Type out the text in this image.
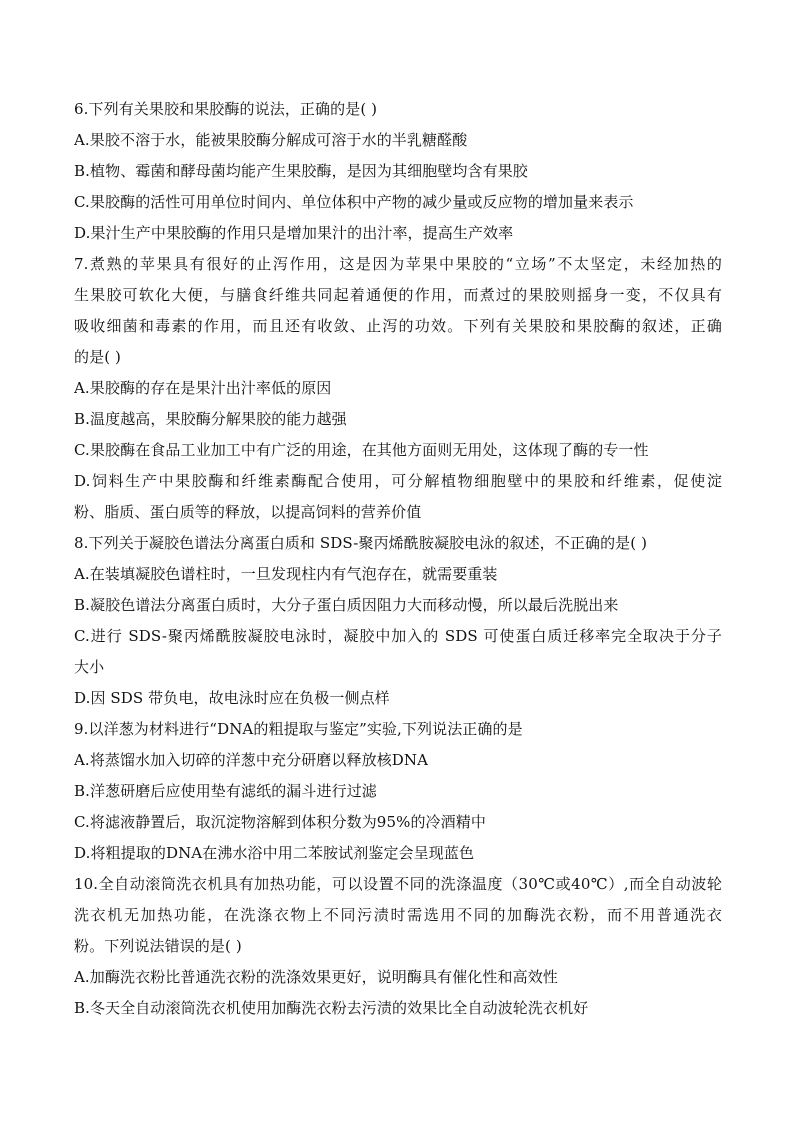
6.下列有关果胶和果胶酶的说法，正确的是( )
A.果胶不溶于水，能被果胶酶分解成可溶于水的半乳糖醛酸
B.植物、霉菌和酵母菌均能产生果胶酶，是因为其细胞壁均含有果胶
C.果胶酶的活性可用单位时间内、单位体积中产物的减少量或反应物的增加量来表示
D.果汁生产中果胶酶的作用只是增加果汁的出汁率，提高生产效率
7.煮熟的苹果具有很好的止泻作用，这是因为苹果中果胶的“立场”不太坚定，未经加热的
生果胶可软化大便，与膳食纤维共同起着通便的作用，而煮过的果胶则摇身一变，不仅具有
吸收细菌和毒素的作用，而且还有收敛、止泻的功效。下列有关果胶和果胶酶的叙述，正确
的是( )
A.果胶酶的存在是果汁出汁率低的原因
B.温度越高，果胶酶分解果胶的能力越强
C.果胶酶在食品工业加工中有广泛的用途，在其他方面则无用处，这体现了酶的专一性
D.饲料生产中果胶酶和纤维素酶配合使用，可分解植物细胞壁中的果胶和纤维素，促使淀
粉、脂质、蛋白质等的释放，以提高饲料的营养价值
8.下列关于凝胶色谱法分离蛋白质和 SDS-聚丙烯酰胺凝胶电泳的叙述，不正确的是( )
A.在装填凝胶色谱柱时，一旦发现柱内有气泡存在，就需要重装
B.凝胶色谱法分离蛋白质时，大分子蛋白质因阻力大而移动慢，所以最后洗脱出来
C.进行 SDS-聚丙烯酰胺凝胶电泳时，凝胶中加入的 SDS 可使蛋白质迁移率完全取决于分子
大小
D.因 SDS 带负电，故电泳时应在负极一侧点样
9.以洋葱为材料进行“DNA的粗提取与鉴定”实验,下列说法正确的是
A.将蒸馏水加入切碎的洋葱中充分研磨以释放核DNA
B.洋葱研磨后应使用垫有滤纸的漏斗进行过滤
C.将滤液静置后，取沉淀物溶解到体积分数为95%的冷酒精中
D.将粗提取的DNA在沸水浴中用二苯胺试剂鉴定会呈现蓝色
10.全自动滚筒洗衣机具有加热功能，可以设置不同的洗涤温度（30℃或40℃）,而全自动波轮
洗衣机无加热功能，在洗涤衣物上不同污渍时需选用不同的加酶洗衣粉，而不用普通洗衣
粉。下列说法错误的是( )
A.加酶洗衣粉比普通洗衣粉的洗涤效果更好，说明酶具有催化性和高效性
B.冬天全自动滚筒洗衣机使用加酶洗衣粉去污渍的效果比全自动波轮洗衣机好
